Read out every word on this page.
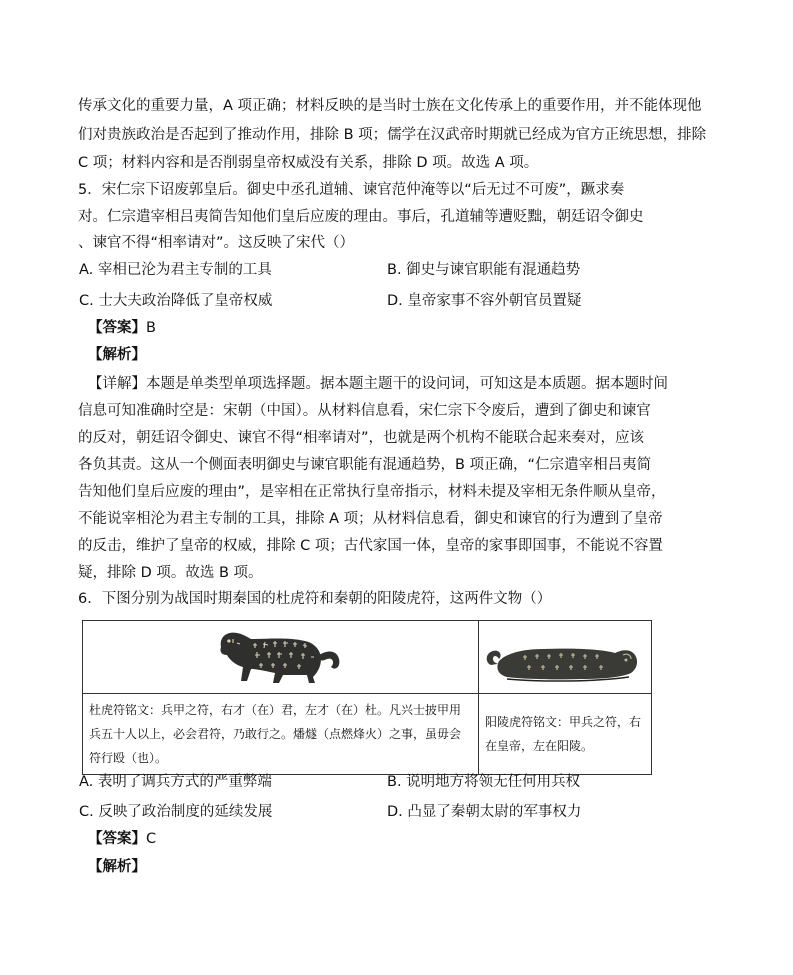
传承文化的重要力量，A 项正确；材料反映的是当时士族在文化传承上的重要作用，并不能体现他
们对贵族政治是否起到了推动作用，排除 B 项；儒学在汉武帝时期就已经成为官方正统思想，排除
C 项；材料内容和是否削弱皇帝权威没有关系，排除 D 项。故选 A 项。
5．宋仁宗下诏废郭皇后。御史中丞孔道辅、谏官范仲淹等以“后无过不可废”，蹶求奏
对。仁宗遣宰相吕夷简告知他们皇后应废的理由。事后，孔道辅等遭贬黜，朝廷诏令御史
、谏官不得“相率请对”。这反映了宋代（）
A. 宰相已沦为君主专制的工具	B. 御史与谏官职能有混通趋势
C. 士大夫政治降低了皇帝权威	D. 皇帝家事不容外朝官员置疑
【答案】B
【解析】
【详解】本题是单类型单项选择题。据本题主题干的设问词，可知这是本质题。据本题时间
信息可知准确时空是：宋朝（中国）。从材料信息看，宋仁宗下令废后，遭到了御史和谏官
的反对，朝廷诏令御史、谏官不得“相率请对”，也就是两个机构不能联合起来奏对，应该
各负其责。这从一个侧面表明御史与谏官职能有混通趋势，B 项正确，“仁宗遣宰相吕夷简
告知他们皇后应废的理由”，是宰相在正常执行皇帝指示，材料未提及宰相无条件顺从皇帝，
不能说宰相沦为君主专制的工具，排除 A 项；从材料信息看，御史和谏官的行为遭到了皇帝
的反击，维护了皇帝的权威，排除 C 项；古代家国一体，皇帝的家事即国事，不能说不容置
疑，排除 D 项。故选 B 项。
6．下图分别为战国时期秦国的杜虎符和秦朝的阳陵虎符，这两件文物（）

杜虎符铭文：兵甲之符，右才（在）君，左才（在）杜。凡兴士披甲用兵五十人以上，必会君符，乃敢行之。燔燧（点燃烽火）之事，虽毋会符行殴（也）。	阳陵虎符铭文：甲兵之符，右在皇帝，左在阳陵。
A. 表明了调兵方式的严重弊端	B. 说明地方将领无任何用兵权
C. 反映了政治制度的延续发展	D. 凸显了秦朝太尉的军事权力
【答案】C
【解析】
